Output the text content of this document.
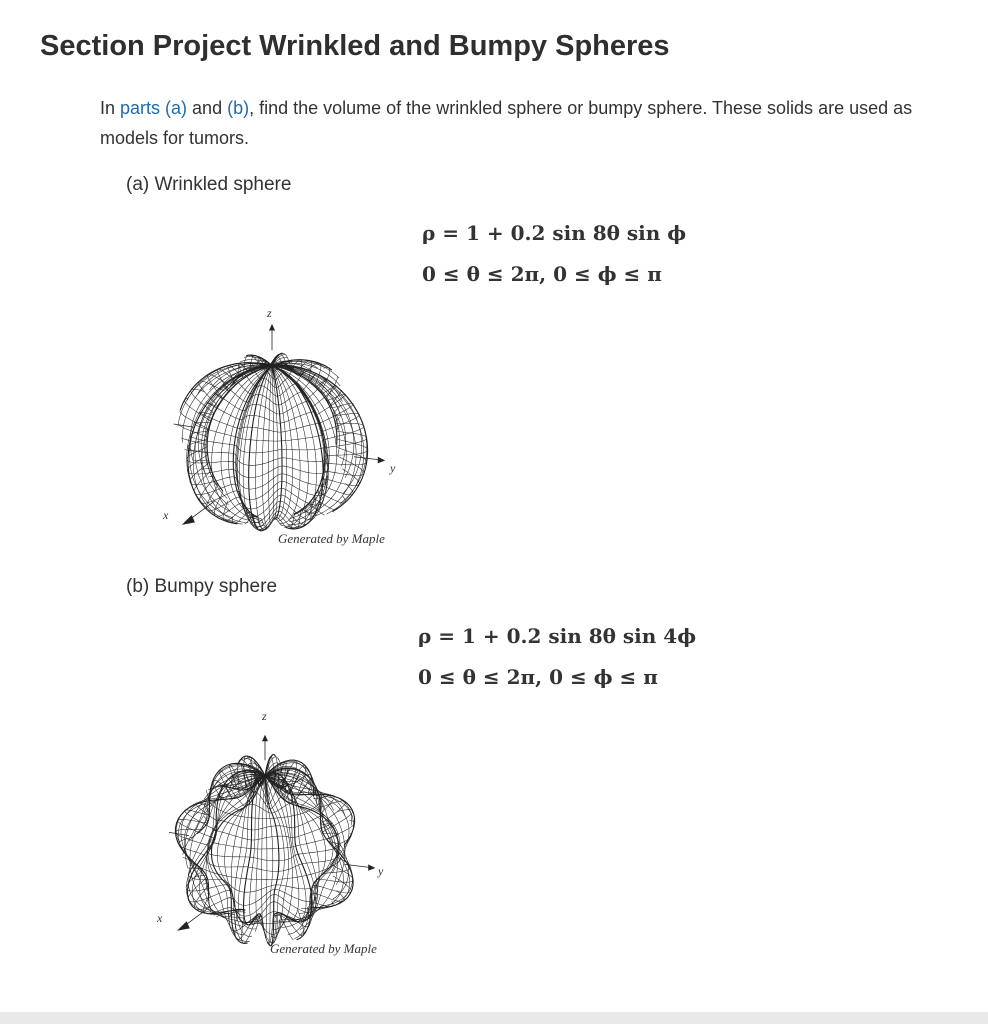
Section Project Wrinkled and Bumpy Spheres
In parts (a) and (b), find the volume of the wrinkled sphere or bumpy sphere. These solids are used as models for tumors.
(a) Wrinkled sphere
ρ = 1 + 0.2 sin 8θ sin ϕ
0 ≤ θ ≤ 2π, 0 ≤ ϕ ≤ π
z
y
x
Generated by Maple
(b) Bumpy sphere
ρ = 1 + 0.2 sin 8θ sin 4ϕ
0 ≤ θ ≤ 2π, 0 ≤ ϕ ≤ π
z
y
x
Generated by Maple
